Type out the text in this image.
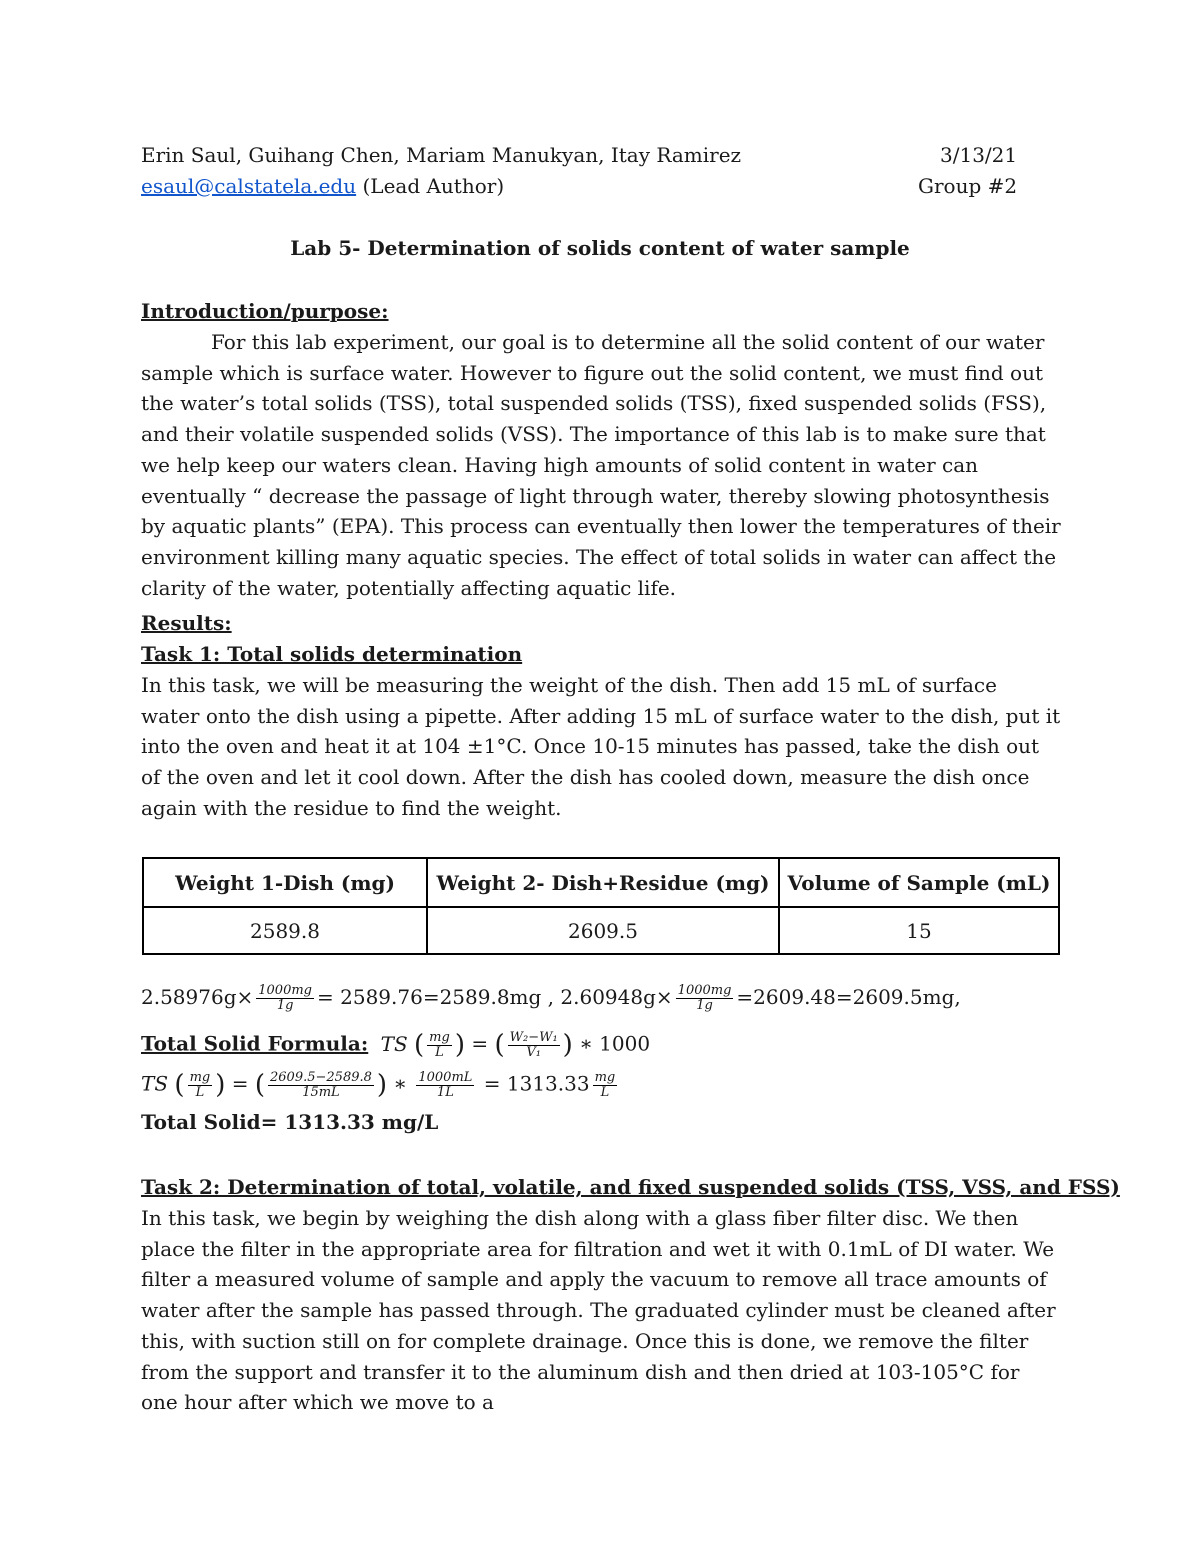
Erin Saul, Guihang Chen, Mariam Manukyan, Itay Ramirez	3/13/21
esaul@calstatela.edu (Lead Author)	Group #2
Lab 5- Determination of solids content of water sample
Introduction/purpose:
For this lab experiment, our goal is to determine all the solid content of our water sample which is surface water. However to figure out the solid content, we must find out the water’s total solids (TSS), total suspended solids (TSS), fixed suspended solids (FSS), and their volatile suspended solids (VSS). The importance of this lab is to make sure that we help keep our waters clean. Having high amounts of solid content in water can eventually “ decrease the passage of light through water, thereby slowing photosynthesis by aquatic plants” (EPA). This process can eventually then lower the temperatures of their environment killing many aquatic species. The effect of total solids in water can affect the clarity of the water, potentially affecting aquatic life.
Results:
Task 1: Total solids determination
In this task, we will be measuring the weight of the dish. Then add 15 mL of surface water onto the dish using a pipette. After adding 15 mL of surface water to the dish, put it into the oven and heat it at 104 ±1°C. Once 10-15 minutes has passed, take the dish out of the oven and let it cool down. After the dish has cooled down, measure the dish once again with the residue to find the weight.
Weight 1-Dish (mg)	Weight 2- Dish+Residue (mg)	Volume of Sample (mL)
2589.8	2609.5	15
$2.58976g\times \frac{1000mg}{1g} = 2589.76=2589.8mg$ , $2.60948g\times \frac{1000mg}{1g} =2609.48=2609.5mg$,
Total Solid Formula: TS ( $\frac{mg}{L}$ ) = ( $\frac{\text{W₂−W₁}}{\text{V₁}}$ ) ∗ 1000
TS ( $\frac{mg}{L}$ ) = ( $\frac{2609.5-2589.8}{15mL}$ ) ∗ $\frac{1000mL}{1L} = 1313.33 \frac{mg}{L}$
Total Solid= 1313.33 mg/L
Task 2: Determination of total, volatile, and fixed suspended solids (TSS, VSS, and FSS)
In this task, we begin by weighing the dish along with a glass fiber filter disc. We then place the filter in the appropriate area for filtration and wet it with 0.1mL of DI water. We filter a measured volume of sample and apply the vacuum to remove all trace amounts of water after the sample has passed through. The graduated cylinder must be cleaned after this, with suction still on for complete drainage. Once this is done, we remove the filter from the support and transfer it to the aluminum dish and then dried at 103-105°C for one hour after which we move to a
